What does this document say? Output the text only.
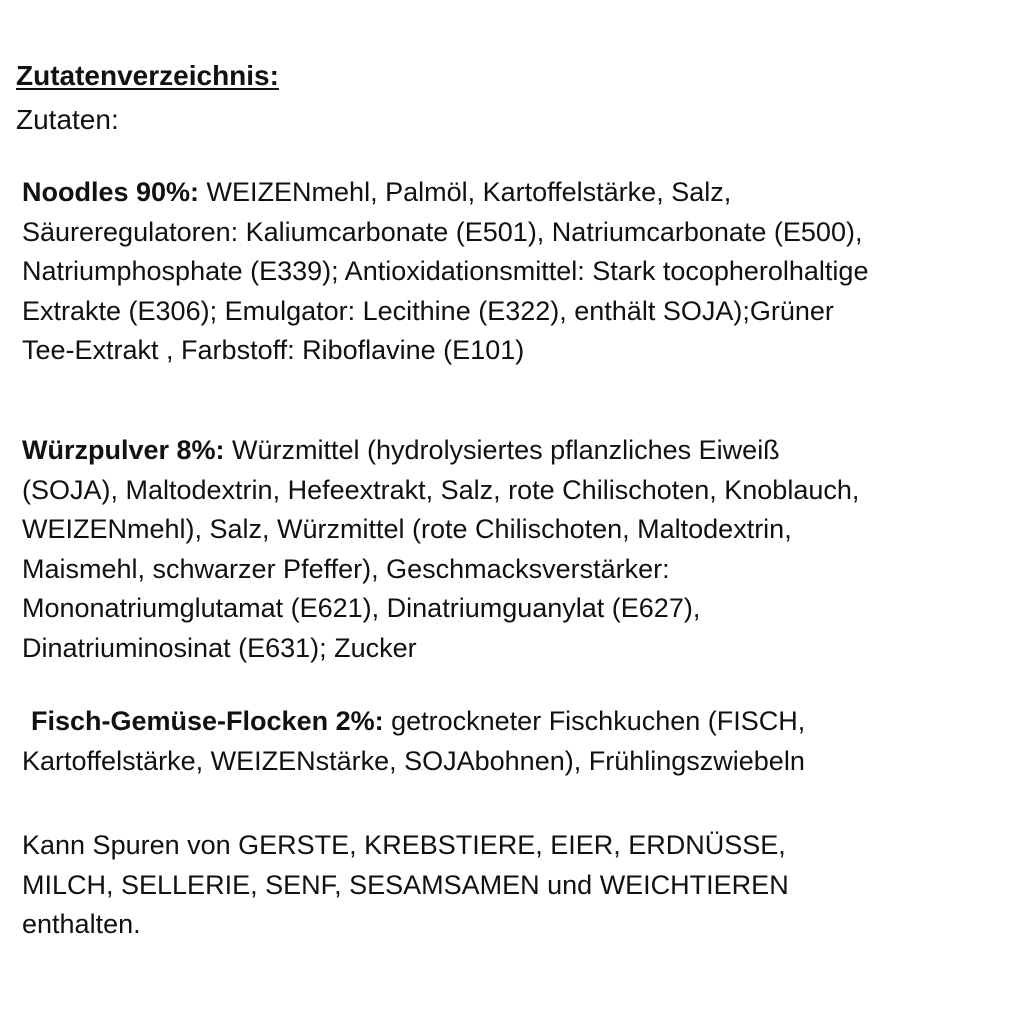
Zutatenverzeichnis:
Zutaten:
Noodles 90%: WEIZENmehl, Palmöl, Kartoffelstärke, Salz,
Säureregulatoren: Kaliumcarbonate (E501), Natriumcarbonate (E500),
Natriumphosphate (E339); Antioxidationsmittel: Stark tocopherolhaltige
Extrakte (E306); Emulgator: Lecithine (E322), enthält SOJA);Grüner
Tee-Extrakt , Farbstoff: Riboflavine (E101)
Würzpulver 8%: Würzmittel (hydrolysiertes pflanzliches Eiweiß
(SOJA), Maltodextrin, Hefeextrakt, Salz, rote Chilischoten, Knoblauch,
WEIZENmehl), Salz, Würzmittel (rote Chilischoten, Maltodextrin,
Maismehl, schwarzer Pfeffer), Geschmacksverstärker:
Mononatriumglutamat (E621), Dinatriumguanylat (E627),
Dinatriuminosinat (E631); Zucker
Fisch-Gemüse-Flocken 2%: getrockneter Fischkuchen (FISCH,
Kartoffelstärke, WEIZENstärke, SOJAbohnen), Frühlingszwiebeln
Kann Spuren von GERSTE, KREBSTIERE, EIER, ERDNÜSSE,
MILCH, SELLERIE, SENF, SESAMSAMEN und WEICHTIEREN
enthalten.
